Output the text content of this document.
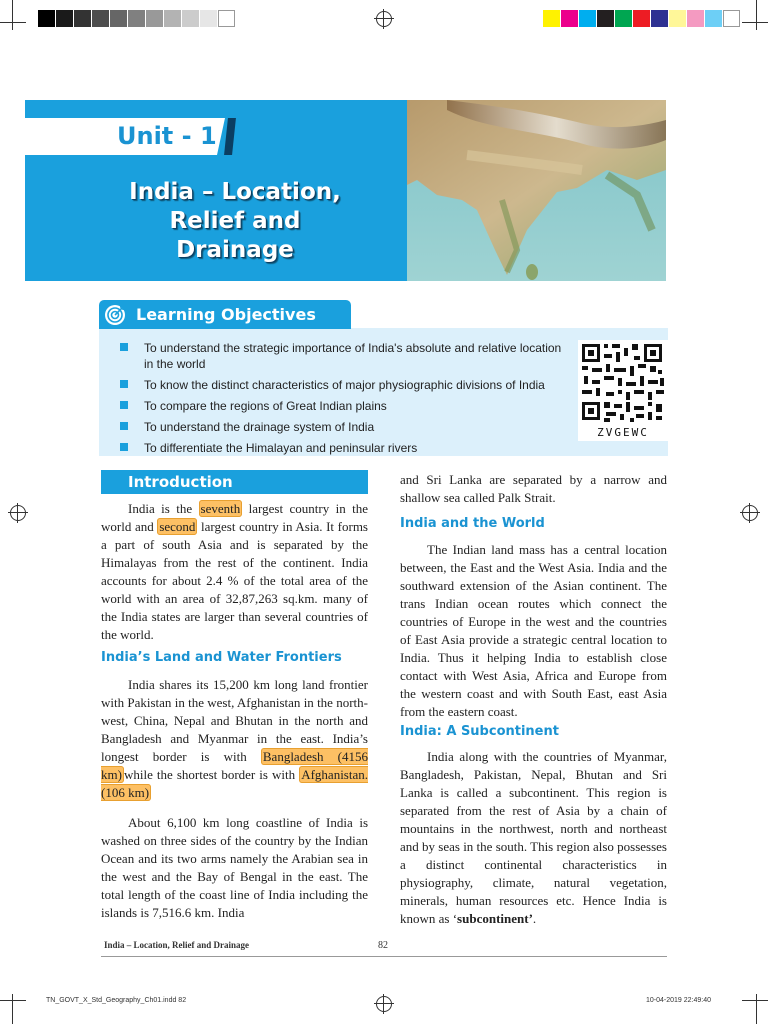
Unit - 1
India – Location,
Relief and
Drainage
Learning Objectives
To understand the strategic importance of India's absolute and relative location in the world
To know the distinct characteristics of major physiographic divisions of India
To compare the regions of Great Indian plains
To understand the drainage system of India
To differentiate the Himalayan and peninsular rivers
ZVGEWC
Introduction

India is the seventh largest country in the world and second largest country in Asia. It forms a part of south Asia and is separated by the Himalayas from the rest of the continent. India accounts for about 2.4 % of the total area of the world with an area of 32,87,263 sq.km. many of the India states are larger than several countries of the world.

India’s Land and Water Frontiers

India shares its 15,200 km long land frontier with Pakistan in the west, Afghanistan in the north-west, China, Nepal and Bhutan in the north and Bangladesh and Myanmar in the east. India’s longest border is with Bangladesh (4156 km) while the shortest border is with Afghanistan.(106 km)

About 6,100 km long coastline of India is washed on three sides of the country by the Indian Ocean and its two arms namely the Arabian sea in the west and the Bay of Bengal in the east. The total length of the coast line of India including the islands is 7,516.6 km. India

and Sri Lanka are separated by a narrow and shallow sea called Palk Strait.

India and the World

The Indian land mass has a central location between, the East and the West Asia. India and the southward extension of the Asian continent. The trans Indian ocean routes which connect the countries of Europe in the west and the countries of East Asia provide a strategic central location to India. Thus it helping India to establish close contact with West Asia, Africa and Europe from the western coast and with South East, east Asia from the eastern coast.

India: A Subcontinent

India along with the countries of Myanmar, Bangladesh, Pakistan, Nepal, Bhutan and Sri Lanka is called a subcontinent. This region is separated from the rest of Asia by a chain of mountains in the northwest, north and northeast and by seas in the south. This region also possesses a distinct continental characteristics in physiography, climate, natural vegetation, minerals, human resources etc. Hence India is known as ‘subcontinent’.

India – Location, Relief and Drainage	82
TN_GOVT_X_Std_Geography_Ch01.indd 82	10-04-2019 22:49:40
